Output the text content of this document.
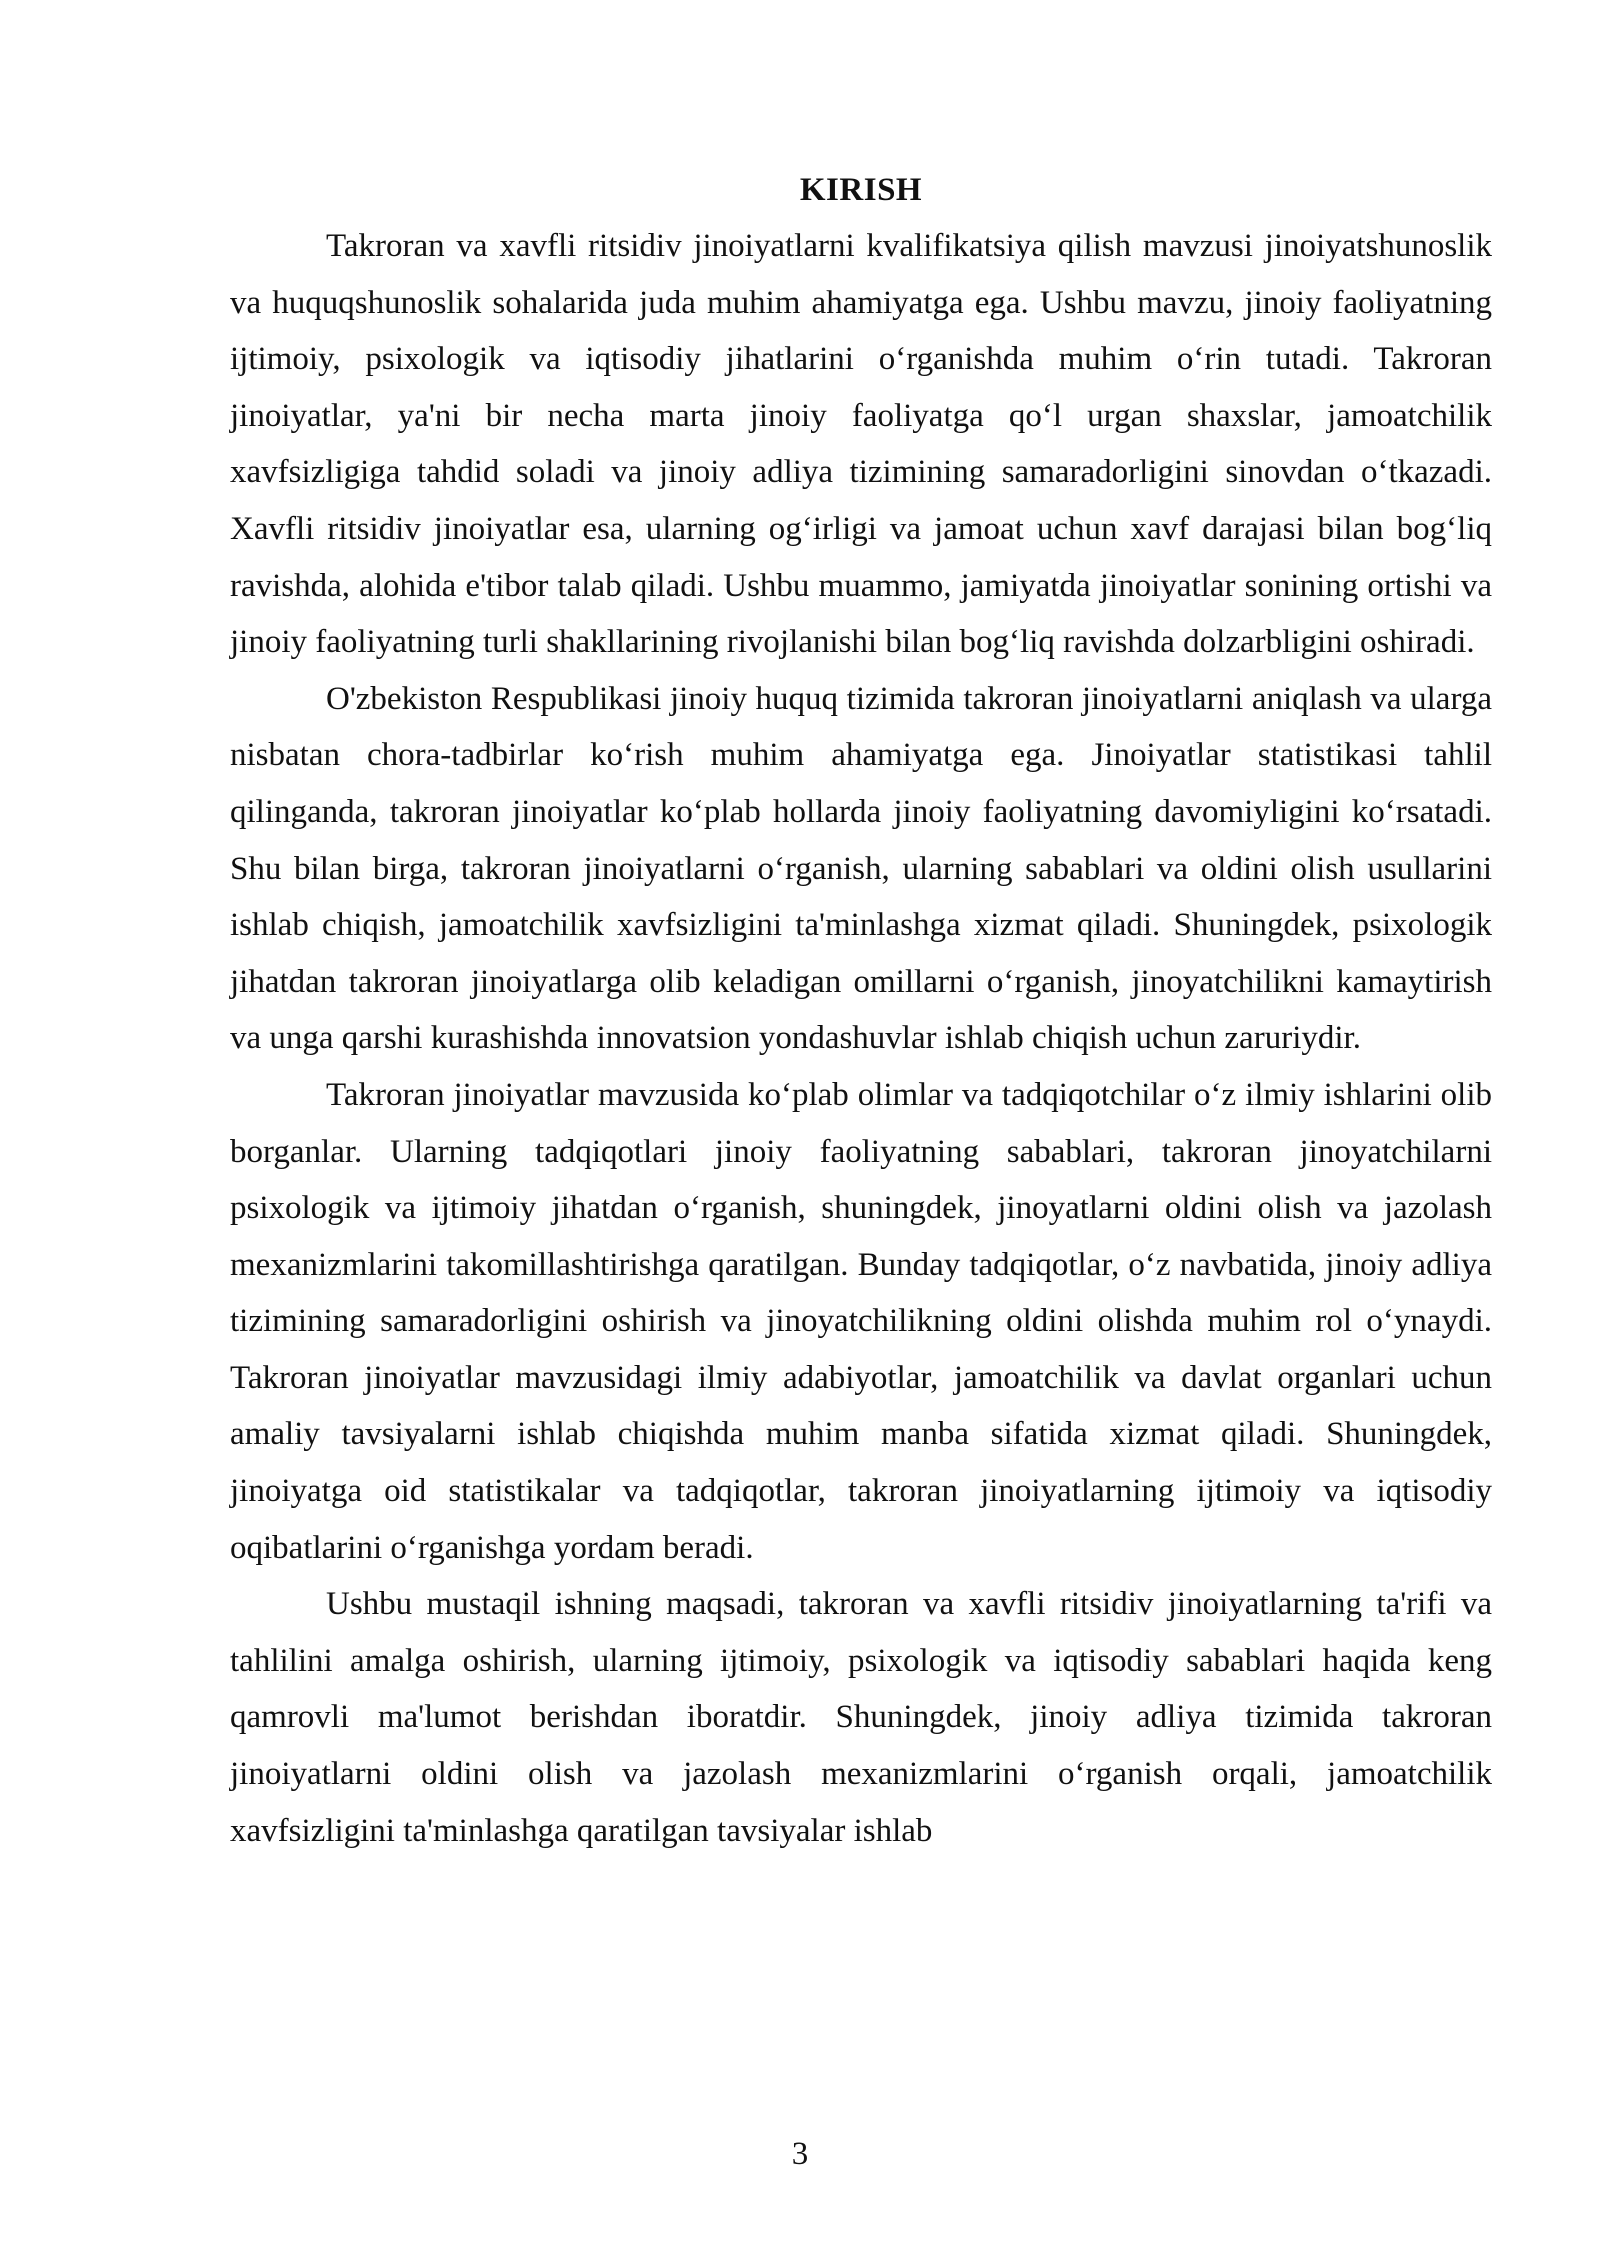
KIRISH

Takroran va xavfli ritsidiv jinoiyatlarni kvalifikatsiya qilish mavzusi jinoiyatshunoslik va huquqshunoslik sohalarida juda muhim ahamiyatga ega. Ushbu mavzu, jinoiy faoliyatning ijtimoiy, psixologik va iqtisodiy jihatlarini o‘rganishda muhim o‘rin tutadi. Takroran jinoiyatlar, ya'ni bir necha marta jinoiy faoliyatga qo‘l urgan shaxslar, jamoatchilik xavfsizligiga tahdid soladi va jinoiy adliya tizimining samaradorligini sinovdan o‘tkazadi. Xavfli ritsidiv jinoiyatlar esa, ularning og‘irligi va jamoat uchun xavf darajasi bilan bog‘liq ravishda, alohida e'tibor talab qiladi. Ushbu muammo, jamiyatda jinoiyatlar sonining ortishi va jinoiy faoliyatning turli shakllarining rivojlanishi bilan bog‘liq ravishda dolzarbligini oshiradi.

O'zbekiston Respublikasi jinoiy huquq tizimida takroran jinoiyatlarni aniqlash va ularga nisbatan chora-tadbirlar ko‘rish muhim ahamiyatga ega. Jinoiyatlar statistikasi tahlil qilinganda, takroran jinoiyatlar ko‘plab hollarda jinoiy faoliyatning davomiyligini ko‘rsatadi. Shu bilan birga, takroran jinoiyatlarni o‘rganish, ularning sabablari va oldini olish usullarini ishlab chiqish, jamoatchilik xavfsizligini ta'minlashga xizmat qiladi. Shuningdek, psixologik jihatdan takroran jinoiyatlarga olib keladigan omillarni o‘rganish, jinoyatchilikni kamaytirish va unga qarshi kurashishda innovatsion yondashuvlar ishlab chiqish uchun zaruriydir.

Takroran jinoiyatlar mavzusida ko‘plab olimlar va tadqiqotchilar o‘z ilmiy ishlarini olib borganlar. Ularning tadqiqotlari jinoiy faoliyatning sabablari, takroran jinoyatchilarni psixologik va ijtimoiy jihatdan o‘rganish, shuningdek, jinoyatlarni oldini olish va jazolash mexanizmlarini takomillashtirishga qaratilgan. Bunday tadqiqotlar, o‘z navbatida, jinoiy adliya tizimining samaradorligini oshirish va jinoyatchilikning oldini olishda muhim rol o‘ynaydi. Takroran jinoiyatlar mavzusidagi ilmiy adabiyotlar, jamoatchilik va davlat organlari uchun amaliy tavsiyalarni ishlab chiqishda muhim manba sifatida xizmat qiladi. Shuningdek, jinoiyatga oid statistikalar va tadqiqotlar, takroran jinoiyatlarning ijtimoiy va iqtisodiy oqibatlarini o‘rganishga yordam beradi.

Ushbu mustaqil ishning maqsadi, takroran va xavfli ritsidiv jinoiyatlarning ta'rifi va tahlilini amalga oshirish, ularning ijtimoiy, psixologik va iqtisodiy sabablari haqida keng qamrovli ma'lumot berishdan iboratdir. Shuningdek, jinoiy adliya tizimida takroran jinoiyatlarni oldini olish va jazolash mexanizmlarini o‘rganish orqali, jamoatchilik xavfsizligini ta'minlashga qaratilgan tavsiyalar ishlab

3
